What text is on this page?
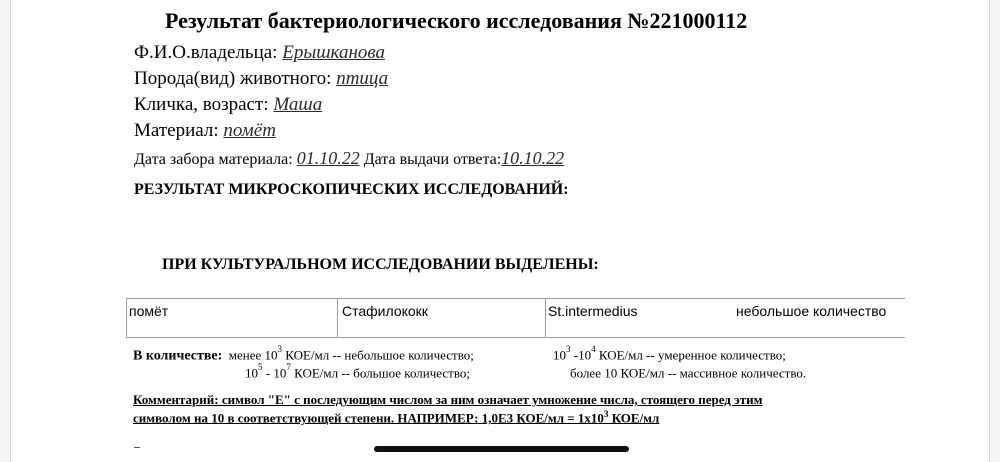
Результат бактериологического исследования №221000112
Ф.И.О.владельца: Ерышканова
Порода(вид) животного: птица
Кличка, возраст: Маша
Материал: помёт
Дата забора материала: 01.10.22 Дата выдачи ответа:10.10.22
РЕЗУЛЬТАТ МИКРОСКОПИЧЕСКИХ ИССЛЕДОВАНИЙ:
ПРИ КУЛЬТУРАЛЬНОМ ИССЛЕДОВАНИИ ВЫДЕЛЕНЫ:
помёт	Стафилококк	St.intermedius	небольшое количество
В количестве: менее $10^3$ КОЕ/мл -- небольшое количество;	$10^3$ $-10^4$ КОЕ/мл -- умеренное количество;
$10^5 - 10^7$ КОЕ/мл -- большое количество;	более 10 КОЕ/мл -- массивное количество.
Комментарий: символ "E" с последующим числом за ним означает умножение числа, стоящего перед этим
символом на 10 в соответствующей степени. НАПРИМЕР: 1,0E3 $КОЕ/мл = 1x10^3$ КОЕ/мл
